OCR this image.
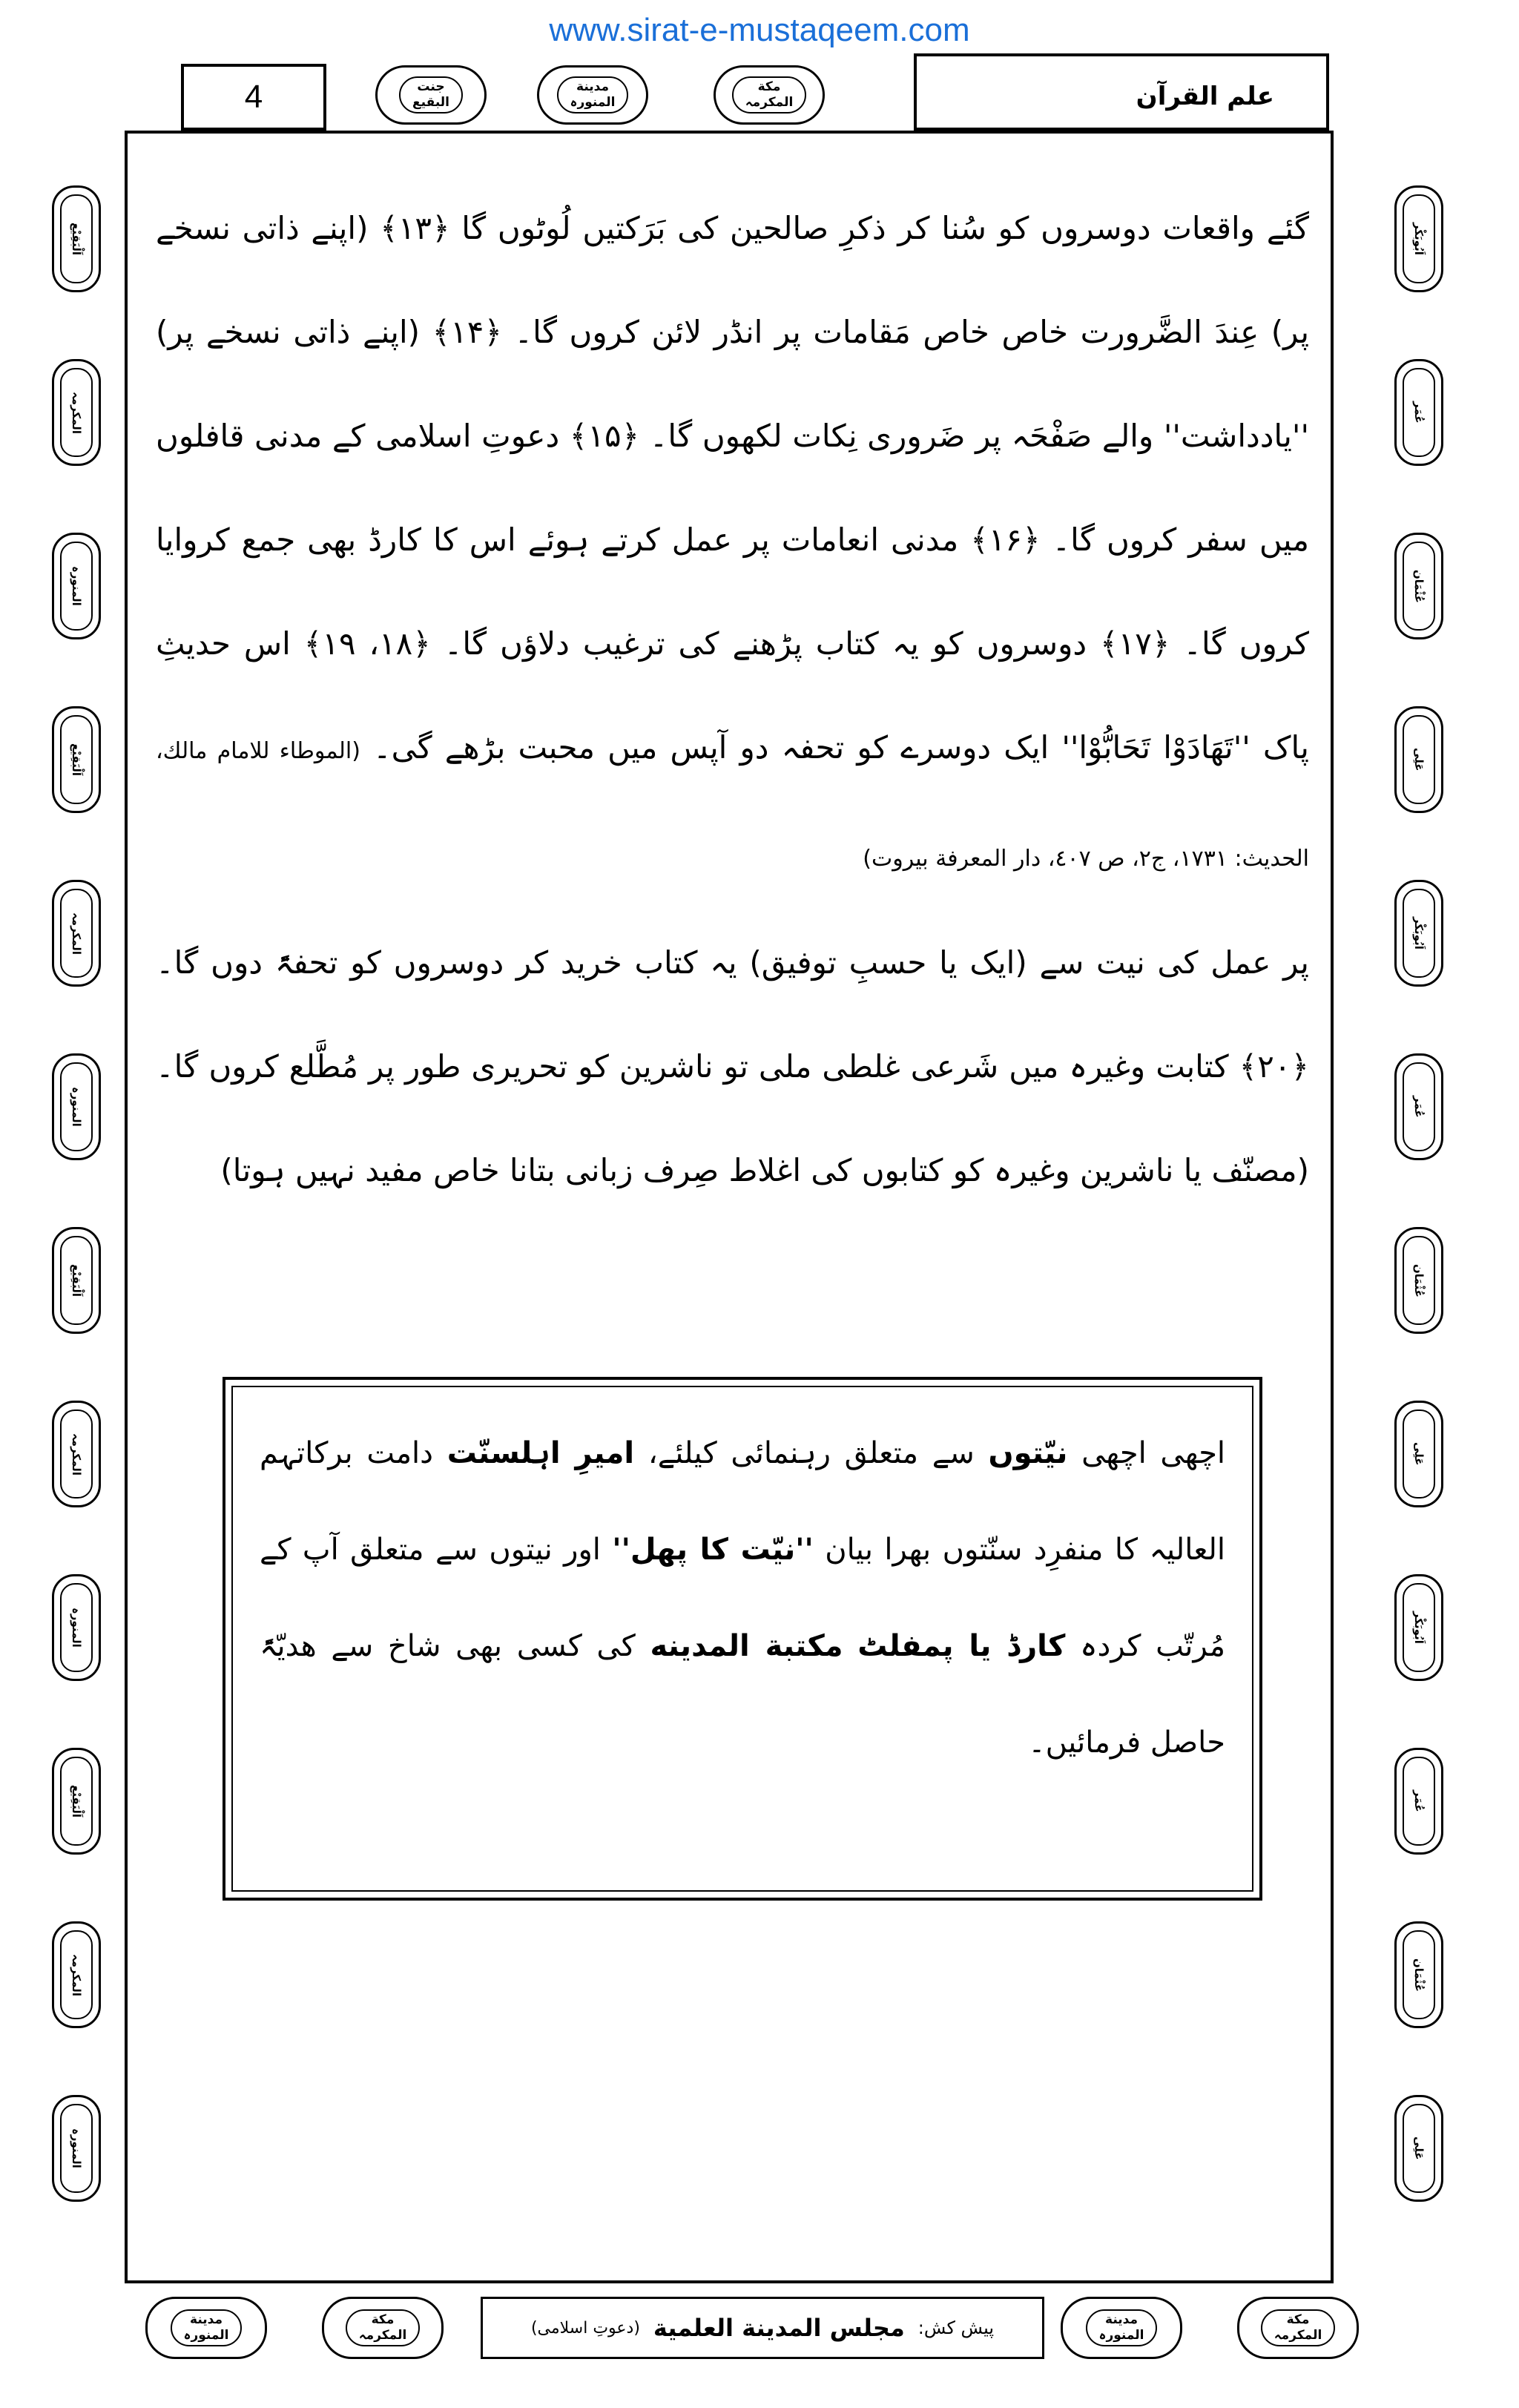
www.sirat-e-mustaqeem.com
4	جنت
البقیع
مدینة
المنورہ
مکة
المکرمہ	علم القرآن
اَلْبَقِیْع
المکرمہ
المنورہ
اَلْبَقِیْع
المکرمہ
المنورہ
اَلْبَقِیْع
المکرمہ
المنورہ
اَلْبَقِیْع
المکرمہ
المنورہ
اَبُوبَکْر
عُمَر
عُثْمَان
عَلِی
اَبُوبَکْر
عُمَر
عُثْمَان
عَلِی
اَبُوبَکْر
عُمَر
عُثْمَان
عَلِی

گئے واقعات دوسروں کو سُنا کر ذکرِ صالحین کی بَرَکتیں لُوٹوں گا ﴿۱۳﴾ (اپنے ذاتی نسخے پر) عِندَ الضَّرورت خاص خاص مَقامات پر انڈر لائن کروں گا۔ ﴿۱۴﴾ (اپنے ذاتی نسخے پر) ''یادداشت'' والے صَفْحَہ پر ضَروری نِکات لکھوں گا۔ ﴿۱۵﴾ دعوتِ اسلامی کے مدنی قافلوں میں سفر کروں گا۔ ﴿۱۶﴾ مدنی انعامات پر عمل کرتے ہوئے اس کا کارڈ بھی جمع کروایا کروں گا۔ ﴿۱۷﴾ دوسروں کو یہ کتاب پڑھنے کی ترغیب دلاؤں گا۔ ﴿۱۸، ۱۹﴾ اس حدیثِ پاک ''تَھَادَوْا تَحَابُّوْا'' ایک دوسرے کو تحفہ دو آپس میں محبت بڑھے گی۔ (الموطاء للامام مالك، الحديث: ١٧٣١، ج٢، ص ٤٠٧، دار المعرفة بيروت)

پر عمل کی نیت سے (ایک یا حسبِ توفیق) یہ کتاب خرید کر دوسروں کو تحفۃً دوں گا۔ ﴿۲۰﴾ کتابت وغیرہ میں شَرعی غلطی ملی تو ناشرین کو تحریری طور پر مُطَّلع کروں گا۔ (مصنّف یا ناشرین وغیرہ کو کتابوں کی اغلاط صِرف زبانی بتانا خاص مفید نہیں ہوتا)

اچھی اچھی نیّتوں سے متعلق رہنمائی کیلئے، امیرِ اہلسنّت دامت برکاتہم العالیہ کا منفرِد سنّتوں بھرا بیان ''نیّت کا پھل'' اور نیتوں سے متعلق آپ کے مُرتّب کردہ کارڈ یا پمفلٹ مکتبة المدینه کی کسی بھی شاخ سے ھدیّۃً حاصل فرمائیں۔
مدینة
المنورہ
مکة
المکرمہ	پیش کش:
مجلس المدینة العلمیة
(دعوتِ اسلامی)	مدینة
المنورہ
مکة
المکرمہ
